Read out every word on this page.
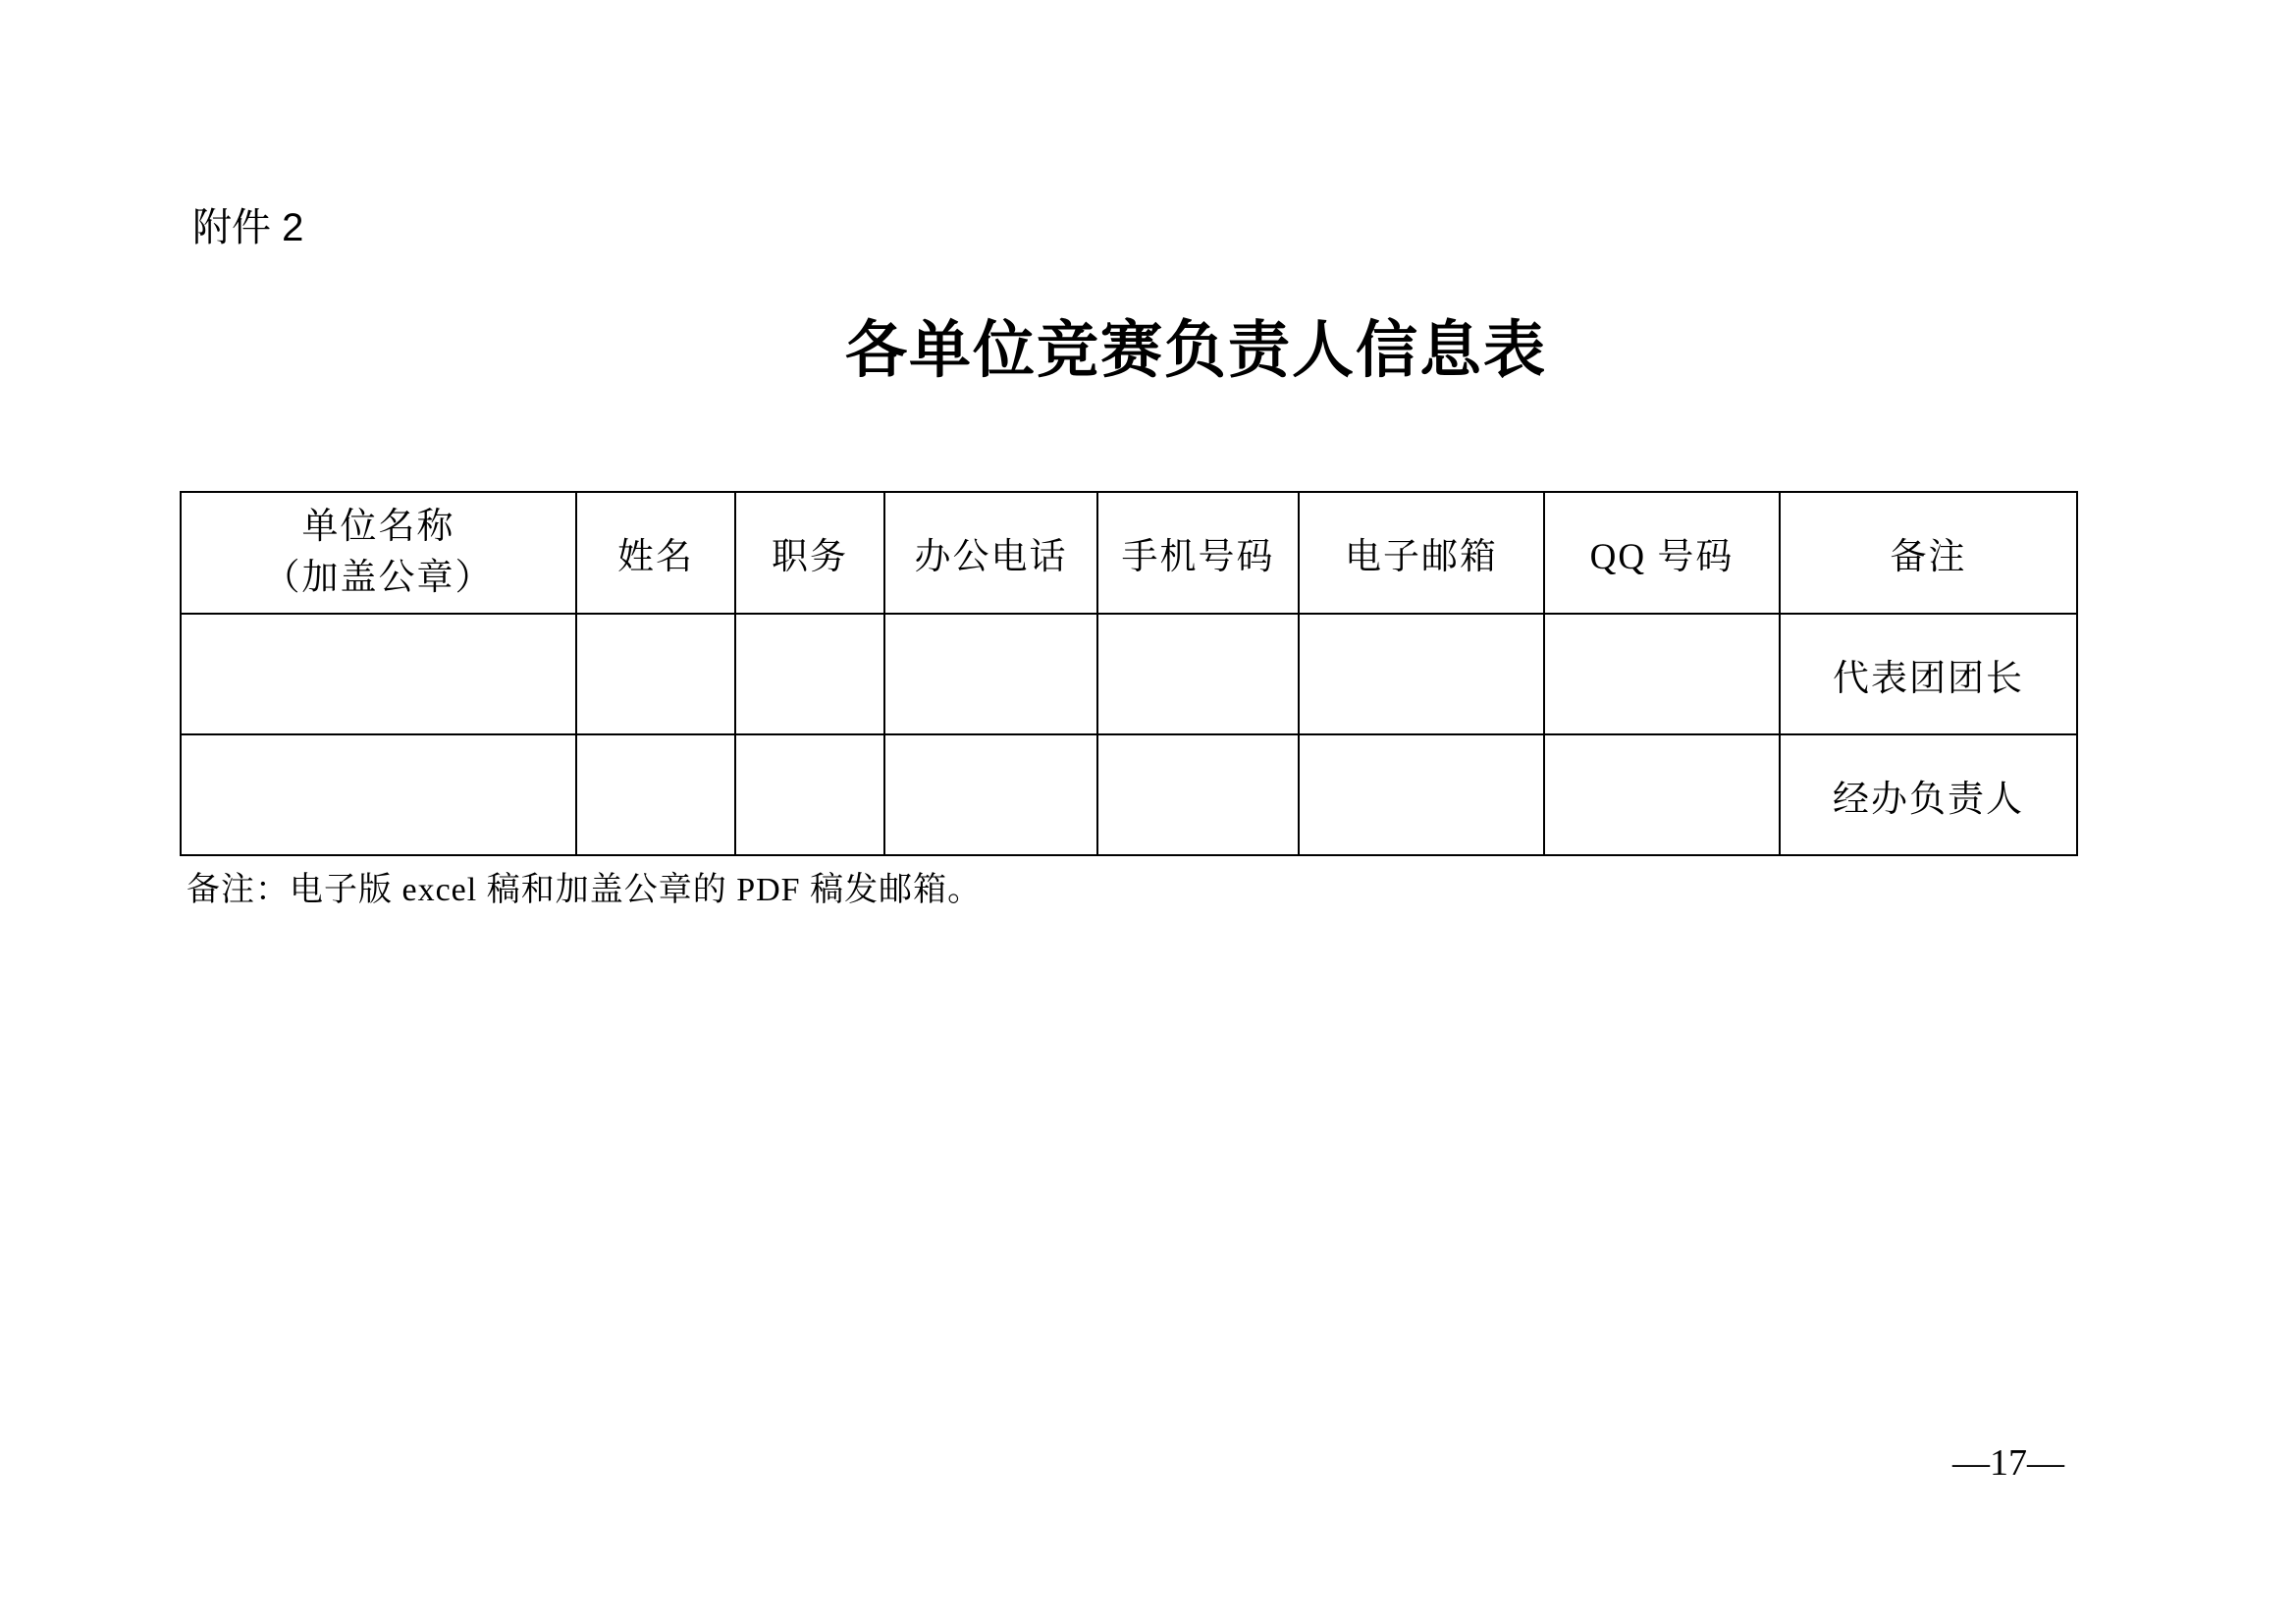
附件 2
各单位竞赛负责人信息表
单位名称
（加盖公章）	姓名	职务	办公电话	手机号码	电子邮箱	QQ 号码	备注
							代表团团长
							经办负责人
备注：电子版 excel 稿和加盖公章的 PDF 稿发邮箱。
—17—
